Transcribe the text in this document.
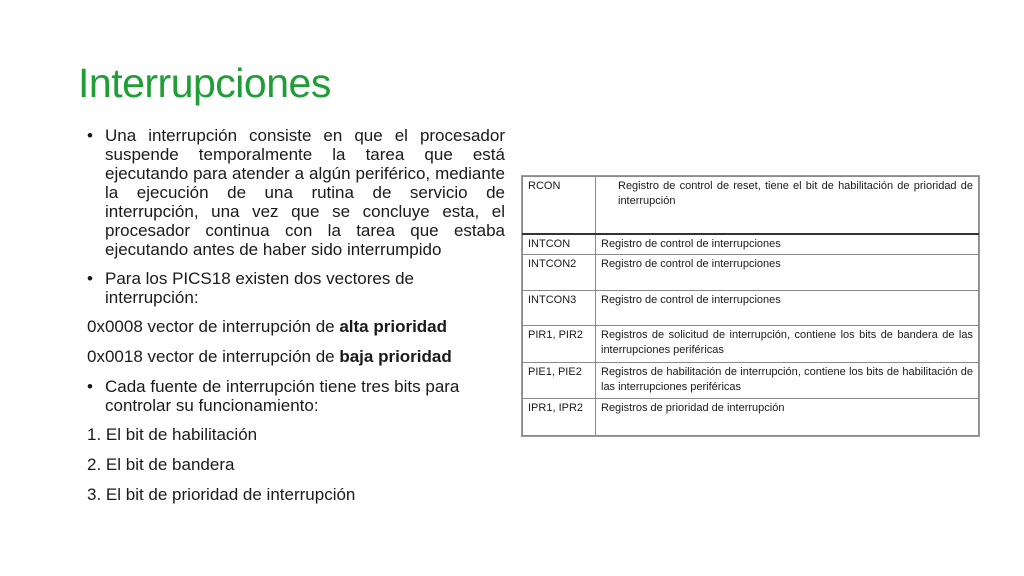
Interrupciones
• Una interrupción consiste en que el procesador suspende temporalmente la tarea que está ejecutando para atender a algún periférico, mediante la ejecución de una rutina de servicio de interrupción, una vez que se concluye esta, el procesador continua con la tarea que estaba ejecutando antes de haber sido interrumpido
• Para los PICS18 existen dos vectores de interrupción:
0x0008 vector de interrupción de alta prioridad
0x0018 vector de interrupción de baja prioridad
• Cada fuente de interrupción tiene tres bits para controlar su funcionamiento:
1. El bit de habilitación
2. El bit de bandera
3. El bit de prioridad de interrupción
RCON	Registro de control de reset, tiene el bit de habilitación de prioridad de interrupción
INTCON	Registro de control de interrupciones
INTCON2	Registro de control de interrupciones
INTCON3	Registro de control de interrupciones
PIR1, PIR2	Registros de solicitud de interrupción, contiene los bits de bandera de las interrupciones periféricas
PIE1, PIE2	Registros de habilitación de interrupción, contiene los bits de habilitación de las interrupciones periféricas
IPR1, IPR2	Registros de prioridad de interrupción
